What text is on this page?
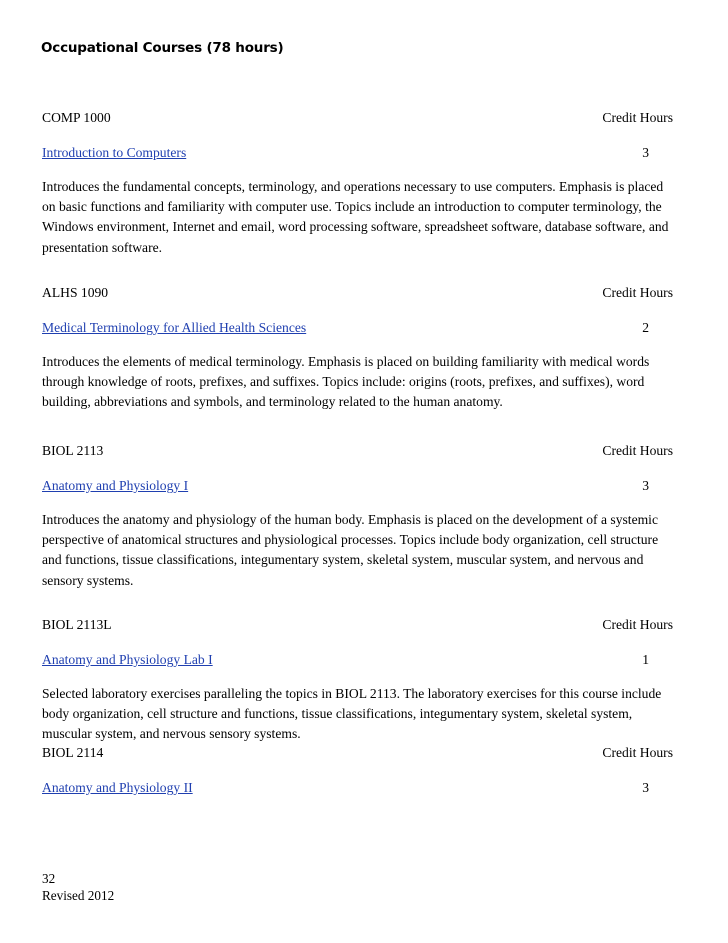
Occupational Courses (78 hours)
COMP 1000	Credit Hours
Introduction to Computers	3

Introduces the fundamental concepts, terminology, and operations necessary to use computers. Emphasis is placed on basic functions and familiarity with computer use. Topics include an introduction to computer terminology, the Windows environment, Internet and email, word processing software, spreadsheet software, database software, and presentation software.

ALHS 1090	Credit Hours
Medical Terminology for Allied Health Sciences	2

Introduces the elements of medical terminology. Emphasis is placed on building familiarity with medical words through knowledge of roots, prefixes, and suffixes. Topics include: origins (roots, prefixes, and suffixes), word building, abbreviations and symbols, and terminology related to the human anatomy.

BIOL 2113	Credit Hours
Anatomy and Physiology I	3

Introduces the anatomy and physiology of the human body. Emphasis is placed on the development of a systemic perspective of anatomical structures and physiological processes. Topics include body organization, cell structure and functions, tissue classifications, integumentary system, skeletal system, muscular system, and nervous and sensory systems.

BIOL 2113L	Credit Hours
Anatomy and Physiology Lab I	1

Selected laboratory exercises paralleling the topics in BIOL 2113. The laboratory exercises for this course include body organization, cell structure and functions, tissue classifications, integumentary system, skeletal system, muscular system, and nervous sensory systems.

BIOL 2114	Credit Hours
Anatomy and Physiology II	3
32
Revised 2012
